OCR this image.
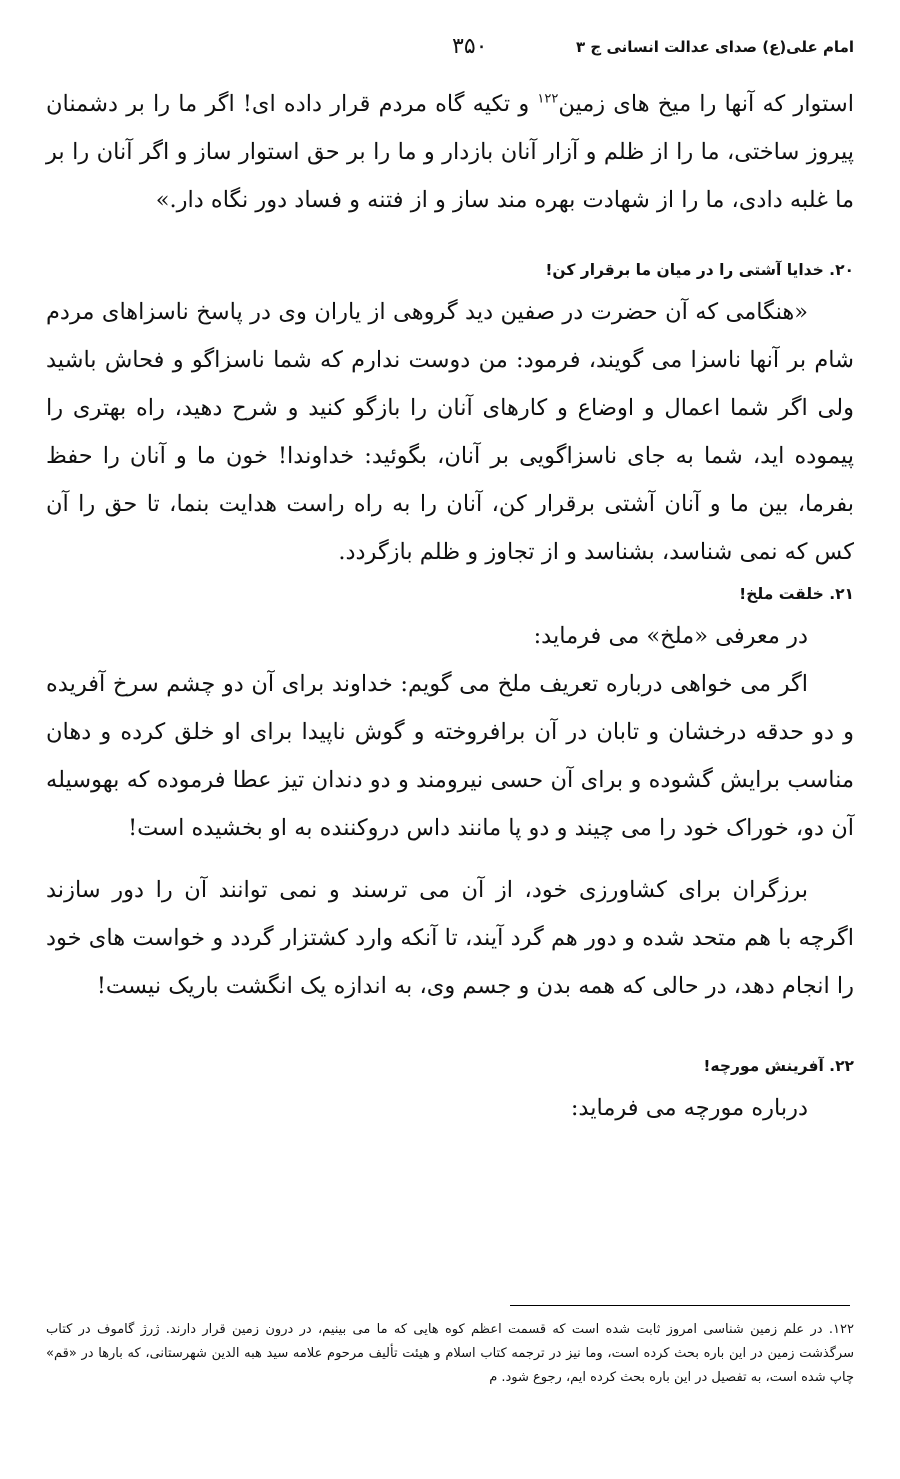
امام علی(ع) صدای عدالت انسانی ج ۳
۳۵۰

استوار که آنها را میخ های زمین$^{۱۲۲}$ و تکیه گاه مردم قرار داده ای! اگر ما را بر دشمنان پیروز ساختی، ما را از ظلم و آزار آنان بازدار و ما را بر حق استوار ساز و اگر آنان را بر ما غلبه دادی، ما را از شهادت بهره مند ساز و از فتنه و فساد دور نگاه دار.»

۲۰. خدایا آشتی را در میان ما برقرار کن!

«هنگامی که آن حضرت در صفین دید گروهی از یاران وی در پاسخ ناسزاهای مردم شام بر آنها ناسزا می گویند، فرمود: من دوست ندارم که شما ناسزاگو و فحاش باشید ولی اگر شما اعمال و اوضاع و کارهای آنان را بازگو کنید و شرح دهید، راه بهتری را پیموده اید، شما به جای ناسزاگویی بر آنان، بگوئید: خداوندا! خون ما و آنان را حفظ بفرما، بین ما و آنان آشتی برقرار کن، آنان را به راه راست هدایت بنما، تا حق را آن کس که نمی شناسد، بشناسد و از تجاوز و ظلم بازگردد.

۲۱. خلقت ملخ!

در معرفی «ملخ» می فرماید:

اگر می خواهی درباره تعریف ملخ می گویم: خداوند برای آن دو چشم سرخ آفریده و دو حدقه درخشان و تابان در آن برافروخته و گوش ناپیدا برای او خلق کرده و دهان مناسب برایش گشوده و برای آن حسی نیرومند و دو دندان تیز عطا فرموده که بهوسیله آن دو، خوراک خود را می چیند و دو پا مانند داس دروکننده به او بخشیده است!

برزگران برای کشاورزی خود، از آن می ترسند و نمی توانند آن را دور سازند اگرچه با هم متحد شده و دور هم گرد آیند، تا آنکه وارد کشتزار گردد و خواست های خود را انجام دهد، در حالی که همه بدن و جسم وی، به اندازه یک انگشت باریک نیست!

۲۲. آفرینش مورچه!

درباره مورچه می فرماید:

۱۲۲. در علم زمین شناسی امروز ثابت شده است که قسمت اعظم کوه هایی که ما می بینیم، در درون زمین قرار دارند. ژرژ گاموف در کتاب سرگذشت زمین در این باره بحث کرده است، وما نیز در ترجمه کتاب اسلام و هیئت تألیف مرحوم علامه سید هبه الدین شهرستانی، که بارها در «قم» چاپ شده است، به تفصیل در این باره بحث کرده ایم، رجوع شود. م
